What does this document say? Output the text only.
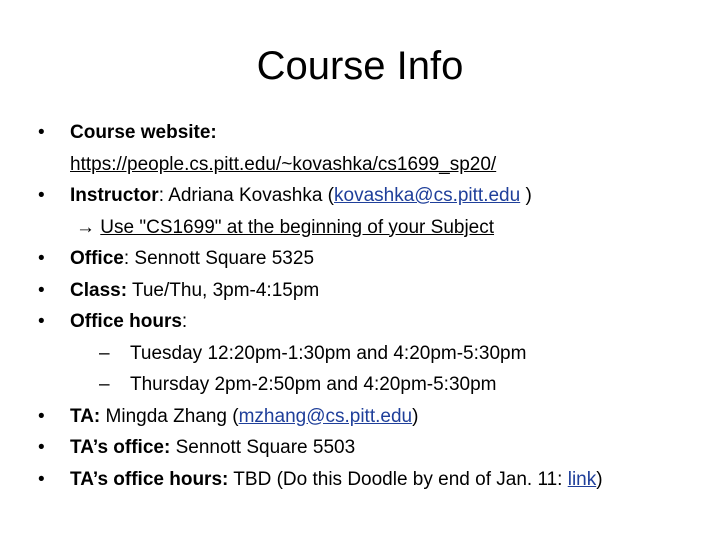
Course Info
• Course website:
https://people.cs.pitt.edu/~kovashka/cs1699_sp20/
• Instructor: Adriana Kovashka (kovashka@cs.pitt.edu )
→ Use "CS1699" at the beginning of your Subject
• Office: Sennott Square 5325
• Class: Tue/Thu, 3pm-4:15pm
• Office hours:
– Tuesday 12:20pm-1:30pm and 4:20pm-5:30pm
– Thursday 2pm-2:50pm and 4:20pm-5:30pm
• TA: Mingda Zhang (mzhang@cs.pitt.edu)
• TA’s office: Sennott Square 5503
• TA’s office hours: TBD (Do this Doodle by end of Jan. 11: link)
